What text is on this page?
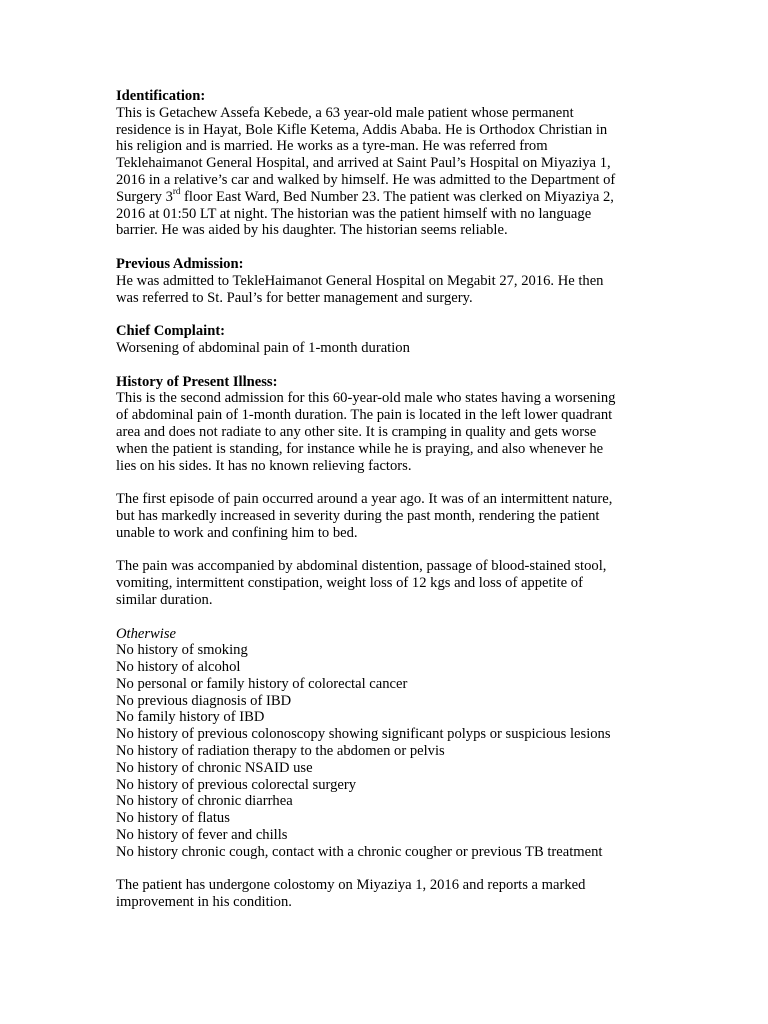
Identification:
This is Getachew Assefa Kebede, a 63 year-old male patient whose permanent
residence is in Hayat, Bole Kifle Ketema, Addis Ababa. He is Orthodox Christian in
his religion and is married. He works as a tyre-man. He was referred from
Teklehaimanot General Hospital, and arrived at Saint Paul’s Hospital on Miyaziya 1,
2016 in a relative’s car and walked by himself. He was admitted to the Department of
Surgery 3rd floor East Ward, Bed Number 23. The patient was clerked on Miyaziya 2,
2016 at 01:50 LT at night. The historian was the patient himself with no language
barrier. He was aided by his daughter. The historian seems reliable.
Previous Admission:
He was admitted to TekleHaimanot General Hospital on Megabit 27, 2016. He then
was referred to St. Paul’s for better management and surgery.
Chief Complaint:
Worsening of abdominal pain of 1-month duration
History of Present Illness:
This is the second admission for this 60-year-old male who states having a worsening
of abdominal pain of 1-month duration. The pain is located in the left lower quadrant
area and does not radiate to any other site. It is cramping in quality and gets worse
when the patient is standing, for instance while he is praying, and also whenever he
lies on his sides. It has no known relieving factors.
The first episode of pain occurred around a year ago. It was of an intermittent nature,
but has markedly increased in severity during the past month, rendering the patient
unable to work and confining him to bed.
The pain was accompanied by abdominal distention, passage of blood-stained stool,
vomiting, intermittent constipation, weight loss of 12 kgs and loss of appetite of
similar duration.
Otherwise
No history of smoking
No history of alcohol
No personal or family history of colorectal cancer
No previous diagnosis of IBD
No family history of IBD
No history of previous colonoscopy showing significant polyps or suspicious lesions
No history of radiation therapy to the abdomen or pelvis
No history of chronic NSAID use
No history of previous colorectal surgery
No history of chronic diarrhea
No history of flatus
No history of fever and chills
No history chronic cough, contact with a chronic cougher or previous TB treatment
The patient has undergone colostomy on Miyaziya 1, 2016 and reports a marked
improvement in his condition.
